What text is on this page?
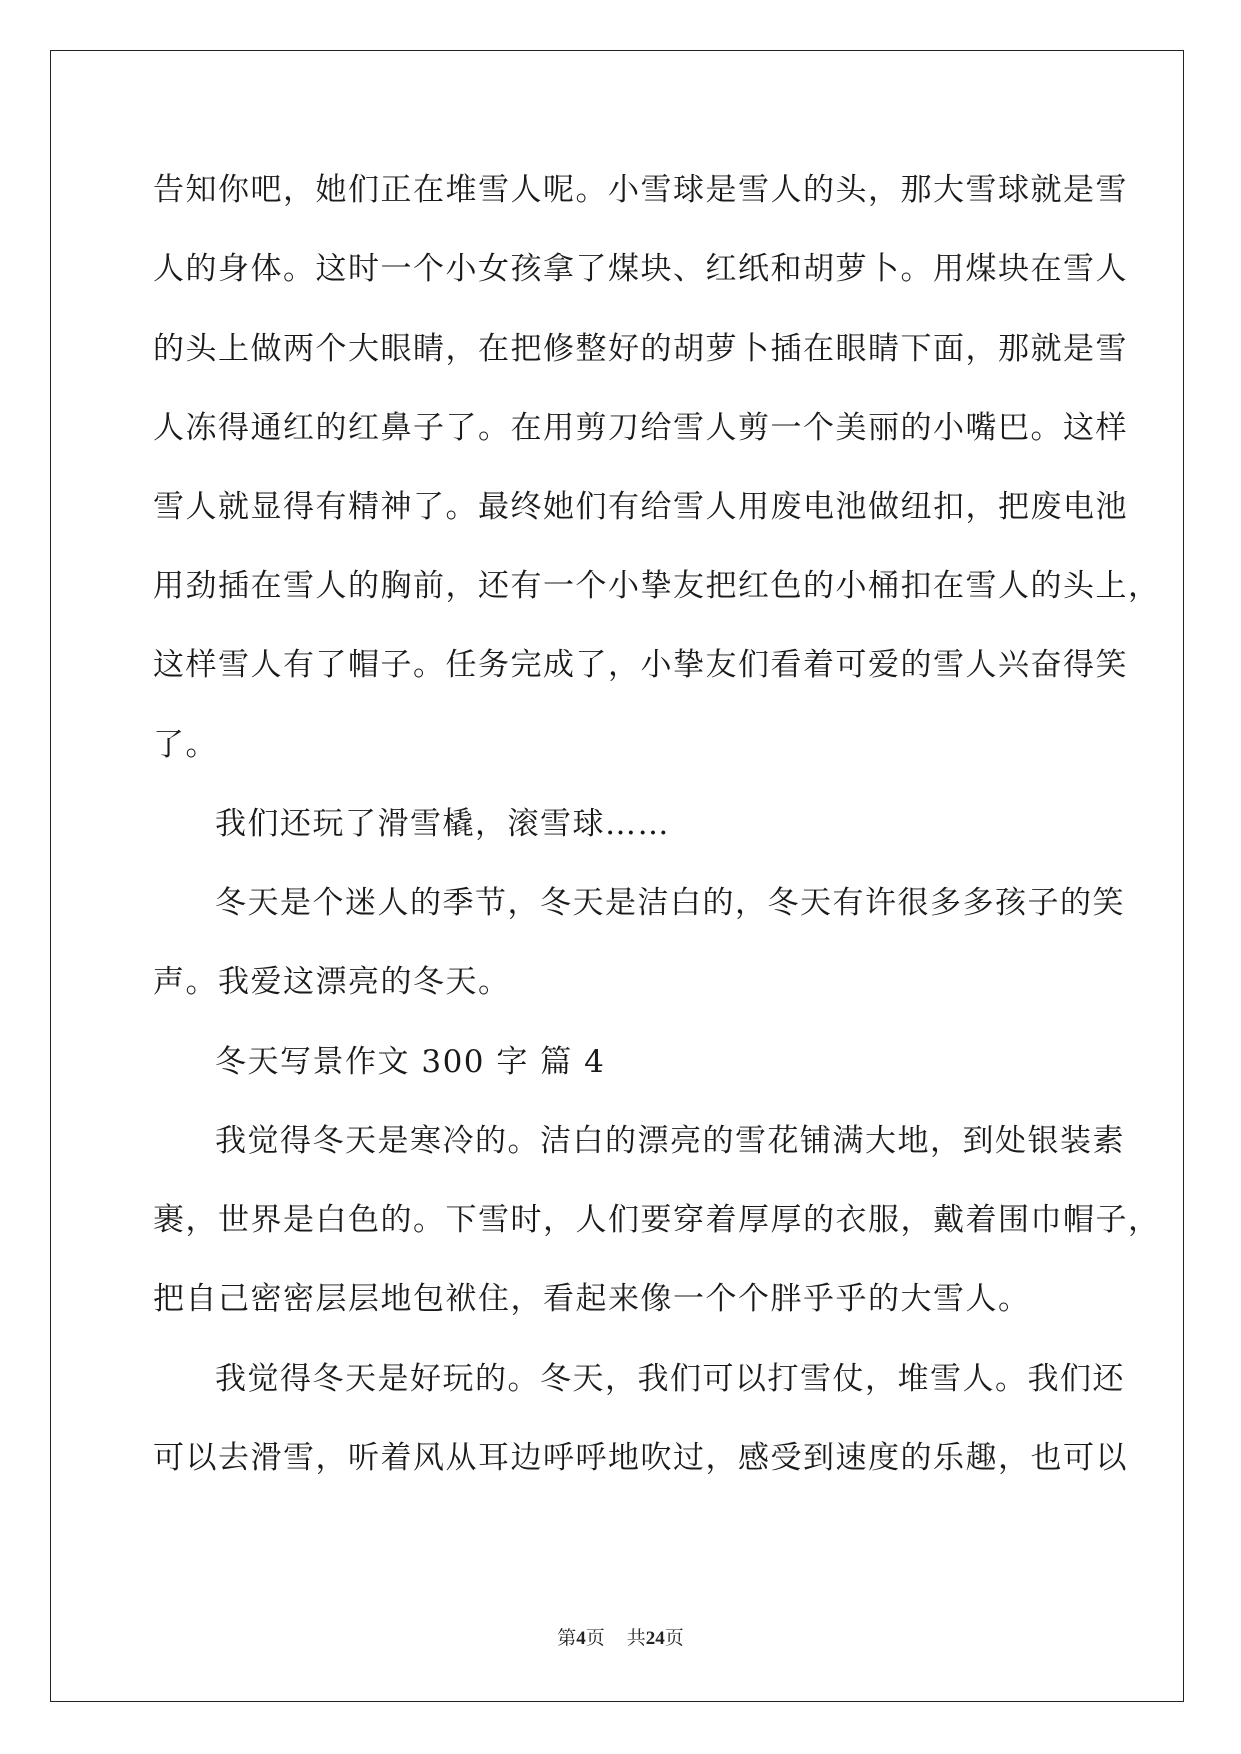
告知你吧，她们正在堆雪人呢。小雪球是雪人的头，那大雪球就是雪
人的身体。这时一个小女孩拿了煤块、红纸和胡萝卜。用煤块在雪人
的头上做两个大眼睛，在把修整好的胡萝卜插在眼睛下面，那就是雪
人冻得通红的红鼻子了。在用剪刀给雪人剪一个美丽的小嘴巴。这样
雪人就显得有精神了。最终她们有给雪人用废电池做纽扣，把废电池
用劲插在雪人的胸前，还有一个小挚友把红色的小桶扣在雪人的头上，
这样雪人有了帽子。任务完成了，小挚友们看着可爱的雪人兴奋得笑
了。
我们还玩了滑雪橇，滚雪球……
冬天是个迷人的季节，冬天是洁白的，冬天有许很多多孩子的笑
声。我爱这漂亮的冬天。
冬天写景作文 300 字 篇 4
我觉得冬天是寒冷的。洁白的漂亮的雪花铺满大地，到处银装素
裹，世界是白色的。下雪时，人们要穿着厚厚的衣服，戴着围巾帽子，
把自己密密层层地包袱住，看起来像一个个胖乎乎的大雪人。
我觉得冬天是好玩的。冬天，我们可以打雪仗，堆雪人。我们还
可以去滑雪，听着风从耳边呼呼地吹过，感受到速度的乐趣，也可以
第4页 共24页
